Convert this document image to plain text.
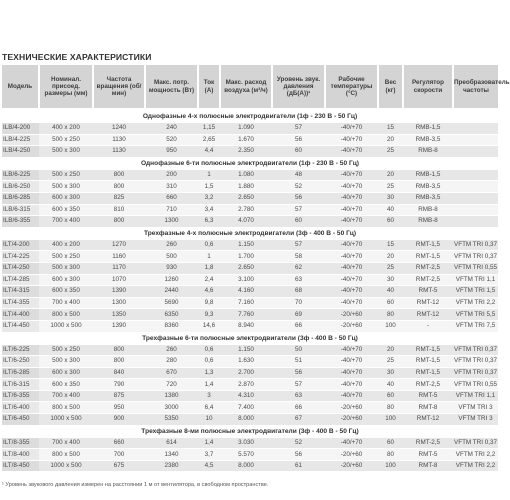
ТЕХНИЧЕСКИЕ ХАРАКТЕРИСТИКИ
Модель	Номинал. присоед. размеры (мм)	Частота вращения (об/мин)	Макс. потр. мощность (Вт)	Ток (А)	Макс. расход воздуха (м³/ч)	Уровень звук. давления (дБ(А))¹	Рабочие температуры (°С)	Вес (кг)	Регулятор скорости	Преобразователь частоты
Однофазные 4-х полюсные электродвигатели (1ф - 230 В - 50 Гц)										
ILB/4-200	400 x 200	1240	240	1,15	1.090	57	-40/+70	15	RMB-1,5	
ILB/4-225	500 x 250	1130	520	2,65	1.670	56	-40/+70	20	RMB-3,5	
ILB/4-250	500 x 300	1130	950	4,4	2.350	60	-40/+70	25	RMB-8	
Однофазные 6-ти полюсные электродвигатели (1ф - 230 В - 50 Гц)										
ILB/6-225	500 x 250	800	200	1	1.080	48	-40/+70	20	RMB-1,5	
ILB/6-250	500 x 300	800	310	1,5	1.880	52	-40/+70	25	RMB-3,5	
ILB/6-285	600 x 300	825	660	3,2	2.650	56	-40/+70	30	RMB-3,5	
ILB/6-315	600 x 350	810	710	3,4	2.780	57	-40/+70	40	RMB-8	
ILB/6-355	700 x 400	800	1300	6,3	4.070	60	-40/+70	60	RMB-8	
Трехфазные 4-х полюсные электродвигатели (3ф - 400 В - 50 Гц)										
ILT/4-200	400 x 200	1270	260	0,6	1.150	57	-40/+70	15	RMT-1,5	VFTM TRI 0,37
ILT/4-225	500 x 250	1160	500	1	1.700	58	-40/+70	20	RMT-1,5	VFTM TRI 0,37
ILT/4-250	500 x 300	1170	930	1,8	2.650	62	-40/+70	25	RMT-2,5	VFTM TRI 0,55
ILT/4-285	600 x 300	1070	1260	2,4	3.100	63	-40/+70	30	RMT-2,5	VFTM TRI 1,1
ILT/4-315	600 x 350	1390	2440	4,6	4.160	68	-40/+70	40	RMT-5	VFTM TRI 1,5
ILT/4-355	700 x 400	1300	5690	9,8	7.160	70	-40/+70	60	RMT-12	VFTM TRI 2,2
ILT/4-400	800 x 500	1350	6350	9,3	7.760	69	-20/+60	80	RMT-12	VFTM TRI 5,5
ILT/4-450	1000 x 500	1390	8360	14,6	8.940	66	-20/+60	100	-	VFTM TRI 7,5
Трехфазные 6-ти полюсные электродвигатели (3ф - 400 В - 50 Гц)										
ILT/6-225	500 x 250	800	260	0,6	1.150	50	-40/+70	20	RMT-1,5	VFTM TRI 0,37
ILT/6-250	500 x 300	800	280	0,6	1.630	51	-40/+70	25	RMT-1,5	VFTM TRI 0,37
ILT/6-285	600 x 300	840	670	1,3	2.700	56	-40/+70	30	RMT-1,5	VFTM TRI 0,37
ILT/6-315	600 x 350	790	720	1,4	2.870	57	-40/+70	40	RMT-2,5	VFTM TRI 0,55
ILT/6-355	700 x 400	875	1380	3	4.310	63	-40/+70	60	RMT-5	VFTM TRI 1,1
ILT/6-400	800 x 500	950	3000	6,4	7.400	66	-20/+60	80	RMT-8	VFTM TRI 3
ILT/6-450	1000 x 500	900	5350	10	8.000	67	-20/+60	100	RMT-12	VFTM TRI 3
Трехфазные 8-ми полюсные электродвигатели (3ф - 400 В - 50 Гц)										
ILT/8-355	700 x 400	660	614	1,4	3.030	52	-40/+70	60	RMT-2,5	VFTM TRI 0,37
ILT/8-400	800 x 500	700	1340	3,7	5.570	56	-20/+60	80	RMT-5	VFTM TRI 2,2
ILT/8-450	1000 x 500	675	2380	4,5	8.000	61	-20/+60	100	RMT-8	VFTM TRI 2,2
¹ Уровень звукового давления измерен на расстоянии 1 м от вентилятора, в свободном пространстве.
